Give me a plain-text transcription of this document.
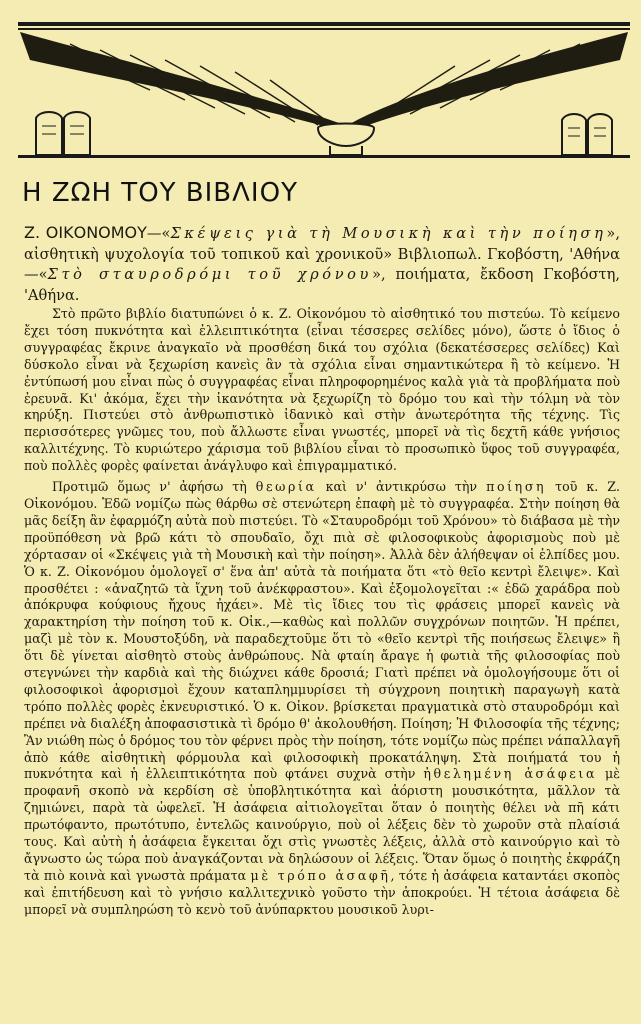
Η ΖΩΗ ΤΟΥ ΒΙΒΛΙΟΥ

Ζ. ΟΙΚΟΝΟΜΟΥ—«Σκέψεις γιὰ τὴ Μουσικὴ καὶ τὴν ποίηση», αἰσθητικὴ ψυχολογία τοῦ τοπικοῦ καὶ χρονικοῦ» Βιβλιοπωλ. Γκοβόστη, 'Αθήνα—«Στὸ σταυροδρόμι τοῦ χρόνου», ποιήματα, ἔκδοση Γκοβόστη, 'Αθήνα.

Στὸ πρῶτο βιβλίο διατυπώνει ὁ κ. Ζ. Οἰκονόμου τὸ αἰσθητικό του πιστεύω. Τὸ κείμενο ἔχει τόση πυκνότητα καὶ ἐλλειπτικότητα (εἶναι τέσσερες σελίδες μόνο), ὥστε ὁ ἴδιος ὁ συγγραφέας ἔκρινε ἀναγκαῖο νὰ προσθέση δικά του σχόλια (δεκατέσσερες σελίδες) Καὶ δύσκολο εἶναι νὰ ξεχωρίση κανεὶς ἂν τὰ σχόλια εἶναι σημαντικώτερα ἢ τὸ κείμενο. Ἡ ἐντύπωσή μου εἶναι πὼς ὁ συγγραφέας εἶναι πληροφορημένος καλὰ γιὰ τὰ προβλήματα ποὺ ἐρευνᾶ. Κι' ἀκόμα, ἔχει τὴν ἱκανότητα νὰ ξεχωρίζη τὸ δρόμο του καὶ τὴν τόλμη νὰ τὸν κηρύξη. Πιστεύει στὸ ἀνθρωπιστικὸ ἰδανικὸ καὶ στὴν ἀνωτερότητα τῆς τέχνης. Τὶς περισσότερες γνῶμες του, ποὺ ἄλλωστε εἶναι γνωστές, μπορεῖ νὰ τὶς δεχτῆ κάθε γνήσιος καλλιτέχνης. Τὸ κυριώτερο χάρισμα τοῦ βιβλίου εἶναι τὸ προσωπικὸ ὕφος τοῦ συγγραφέα, ποὺ πολλὲς φορὲς φαίνεται ἀνάγλυφο καὶ ἐπιγραμματικό.

Προτιμῶ ὅμως ν' ἀφήσω τὴ θεωρία καὶ ν' ἀντικρύσω τὴν ποίηση τοῦ κ. Ζ. Οἰκονόμου. Ἐδῶ νομίζω πὼς θάρθω σὲ στενώτερη ἐπαφὴ μὲ τὸ συγγραφέα. Στὴν ποίηση θὰ μᾶς δείξη ἂν ἐφαρμόζη αὐτὰ ποὺ πιστεύει. Τὸ «Σταυροδρόμι τοῦ Χρόνου» τὸ διάβασα μὲ τὴν προϋπόθεση νὰ βρῶ κάτι τὸ σπουδαῖο, ὄχι πιὰ σὲ φιλοσοφικοὺς ἀφορισμοὺς ποὺ μὲ χόρτασαν οἱ «Σκέψεις γιὰ τὴ Μουσικὴ καὶ τὴν ποίηση». Ἀλλὰ δὲν ἀλήθεψαν οἱ ἐλπίδες μου. Ὁ κ. Ζ. Οἰκονόμου ὁμολογεῖ σ' ἕνα ἀπ' αὐτὰ τὰ ποιήματα ὅτι «τὸ θεῖο κεντρὶ ἔλειψε». Καὶ προσθέτει : «ἀναζητῶ τὰ ἴχνη τοῦ ἀνέκφραστου». Καὶ ἐξομολογεῖται :« ἐδῶ χαράδρα ποὺ ἀπόκρυφα κούφιους ἤχους ἠχάει». Μὲ τὶς ἴδιες του τὶς φράσεις μπορεῖ κανεὶς νὰ χαρακτηρίση τὴν ποίηση τοῦ κ. Οἰκ.,—καθὼς καὶ πολλῶν συγχρόνων ποιητῶν. Ἡ πρέπει, μαζὶ μὲ τὸν κ. Μουστοξύδη, νὰ παραδεχτοῦμε ὅτι τὸ «θεῖο κεντρὶ τῆς ποιήσεως ἔλειψε» ἢ ὅτι δὲ γίνεται αἰσθητὸ στοὺς ἀνθρώπους. Νὰ φταίη ἄραγε ἡ φωτιὰ τῆς φιλοσοφίας ποὺ στεγνώνει τὴν καρδιὰ καὶ τὴς διώχνει κάθε δροσιά; Γιατὶ πρέπει νὰ ὁμολογήσουμε ὅτι οἱ φιλοσοφικοὶ ἀφορισμοὶ ἔχουν καταπλημμυρίσει τὴ σύγχρονη ποιητικὴ παραγωγὴ κατὰ τρόπο πολλὲς φορὲς ἐκνευριστικό. Ὁ κ. Οἰκον. βρίσκεται πραγματικὰ στὸ σταυροδρόμι καὶ πρέπει νὰ διαλέξη ἀποφασιστικὰ τὶ δρόμο θ' ἀκολουθήση. Ποίηση; Ἡ Φιλοσοφία τῆς τέχνης; Ἂν νιώθη πὼς ὁ δρόμος του τὸν φέρνει πρὸς τὴν ποίηση, τότε νομίζω πὼς πρέπει νάπαλλαγῆ ἀπὸ κάθε αἰσθητικὴ φόρμουλα καὶ φιλοσοφικὴ προκατάληψη. Στὰ ποιήματά του ἡ πυκνότητα καὶ ἡ ἐλλειπτικότητα ποὺ φτάνει συχνὰ στὴν ἠθελημένη ἀσάφεια μὲ προφανῆ σκοπὸ νὰ κερδίση σὲ ὑποβλητικότητα καὶ ἀόριστη μουσικότητα, μᾶλλον τὰ ζημιώνει, παρὰ τὰ ὠφελεῖ. Ἡ ἀσάφεια αἰτιολογεῖται ὅταν ὁ ποιητὴς θέλει νὰ πῆ κάτι πρωτόφαντο, πρωτότυπο, ἐντελῶς καινούργιο, ποὺ οἱ λέξεις δὲν τὸ χωροῦν στὰ πλαίσιά τους. Καὶ αὐτὴ ἡ ἀσάφεια ἔγκειται ὄχι στὶς γνωστὲς λέξεις, ἀλλὰ στὸ καινούργιο καὶ τὸ ἄγνωστο ὡς τώρα ποὺ ἀναγκάζονται νὰ δηλώσουν οἱ λέξεις. Ὅταν ὅμως ὁ ποιητὴς ἐκφράζη τὰ πιὸ κοινὰ καὶ γνωστὰ πράματα μὲ τρόπο ἀσαφῆ, τότε ἡ ἀσάφεια καταντάει σκοπὸς καὶ ἐπιτήδευση καὶ τὸ γνήσιο καλλιτεχνικὸ γοῦστο τὴν ἀποκρούει. Ἡ τέτοια ἀσάφεια δὲ μπορεῖ νὰ συμπληρώση τὸ κενὸ τοῦ ἀνύπαρκτου μουσικοῦ λυρι-
